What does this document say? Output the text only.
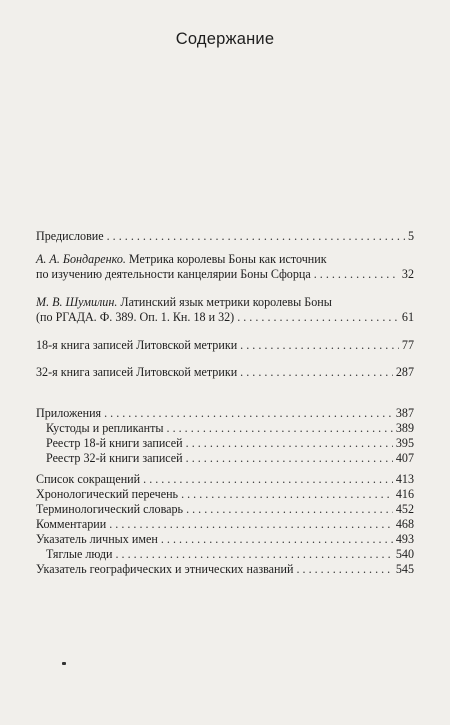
Содержание
Предисловие . . .	5
А. А. Бондаренко. Метрика королевы Боны как источник
по изучению деятельности канцелярии Боны Сфорца . . .	32
М. В. Шумилин. Латинский язык метрики королевы Боны
(по РГАДА. Ф. 389. Оп. 1. Кн. 18 и 32) . . .	61
18-я книга записей Литовской метрики . . .	77
32-я книга записей Литовской метрики . . .	287
Приложения . . .	387
Кустоды и репликанты . . .	389
Реестр 18-й книги записей . . .	395
Реестр 32-й книги записей . . .	407
Список сокращений . . .	413
Хронологический перечень . . .	416
Терминологический словарь . . .	452
Комментарии . . .	468
Указатель личных имен . . .	493
Тяглые люди . . .	540
Указатель географических и этнических названий . . .	545
